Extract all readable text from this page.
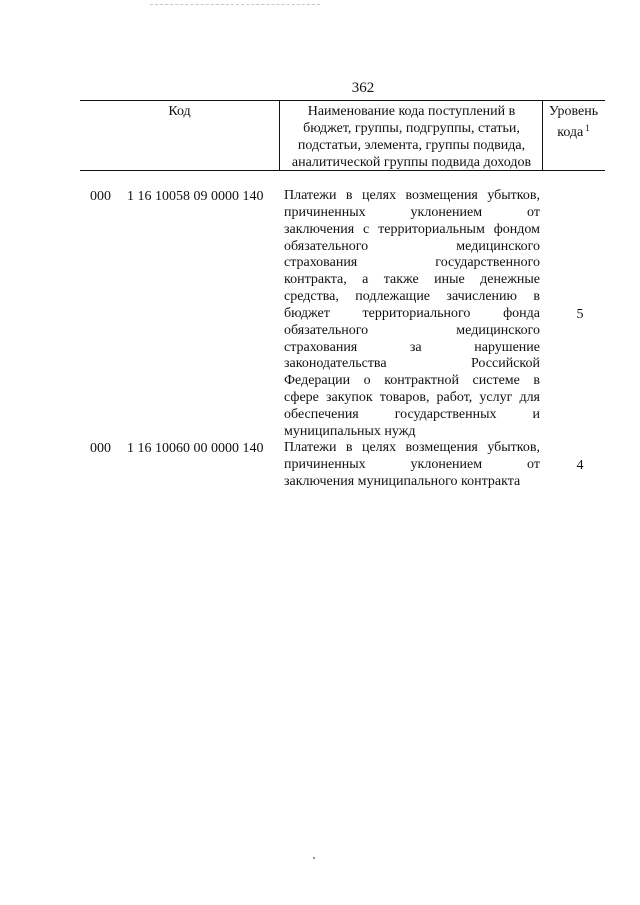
362
Код	Наименование кода поступлений в
бюджет, группы, подгруппы, статьи,
подстатьи, элемента, группы подвида,
аналитической группы подвида доходов
Уровень
кода $^1$
000 1 16 10058 09 0000 140 Платежи в целях возмещения убытков,
причиненных уклонением от
заключения с территориальным фондом
обязательного медицинского
страхования государственного
контракта, а также иные денежные
средства, подлежащие зачислению в
бюджет территориального фонда
обязательного медицинского
страхования за нарушение
законодательства Российской
Федерации о контрактной системе в
сфере закупок товаров, работ, услуг для
обеспечения государственных и
муниципальных нужд
5
000 1 16 10060 00 0000 140 Платежи в целях возмещения убытков,
причиненных уклонением от
заключения муниципального контракта
4
